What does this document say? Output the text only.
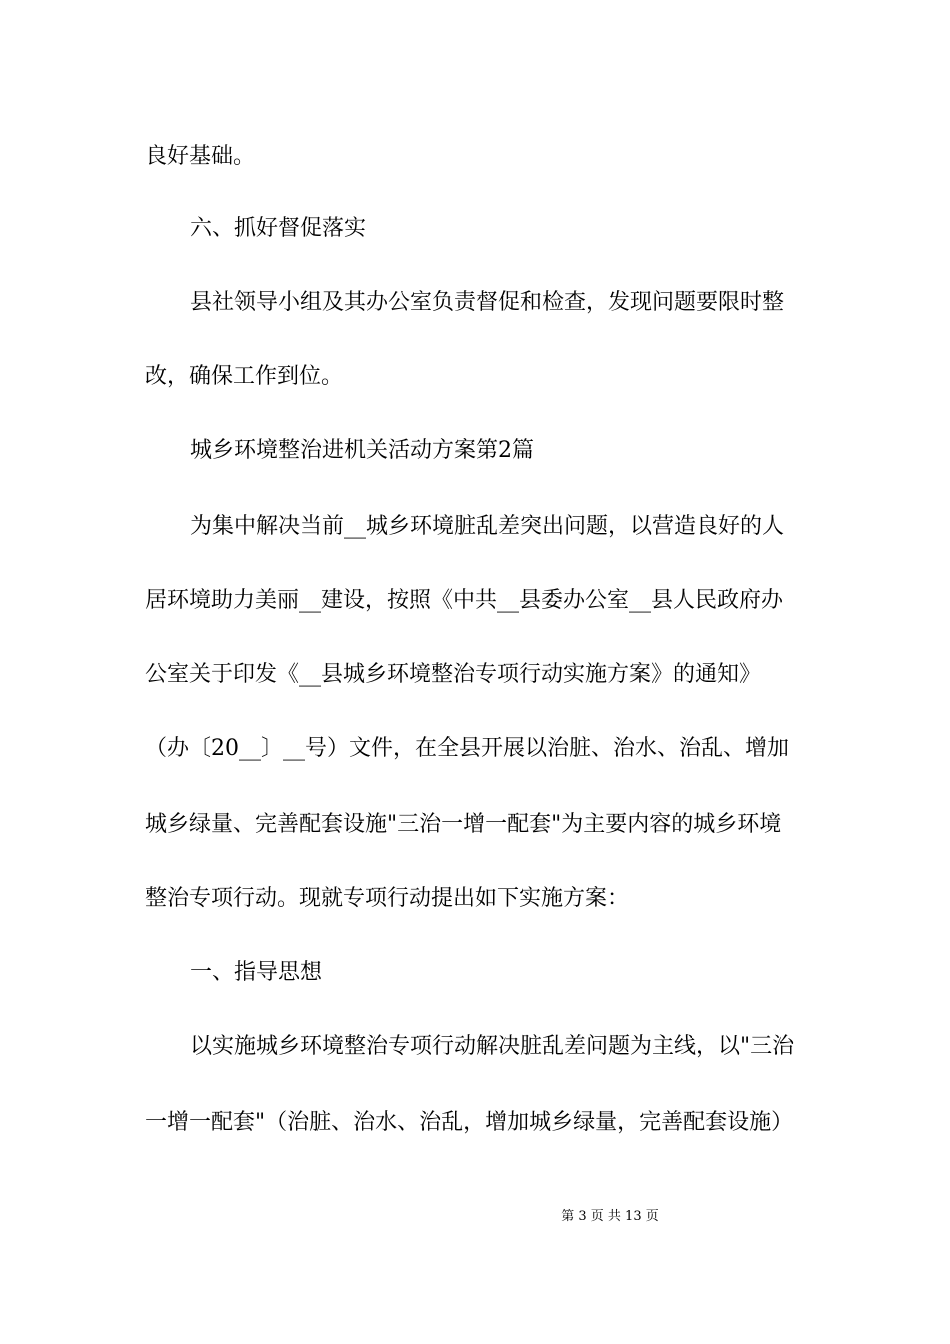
良好基础。

六、抓好督促落实

县社领导小组及其办公室负责督促和检查，发现问题要限时整

改，确保工作到位。

城乡环境整治进机关活动方案第2篇

为集中解决当前__城乡环境脏乱差突出问题，以营造良好的人

居环境助力美丽__建设，按照《中共__县委办公室__县人民政府办

公室关于印发《__县城乡环境整治专项行动实施方案》的通知》

（办〔20__〕__号）文件，在全县开展以治脏、治水、治乱、增加

城乡绿量、完善配套设施"三治一增一配套"为主要内容的城乡环境

整治专项行动。现就专项行动提出如下实施方案：

一、指导思想

以实施城乡环境整治专项行动解决脏乱差问题为主线，以"三治

一增一配套"（治脏、治水、治乱，增加城乡绿量，完善配套设施）

第 3 页 共 13 页
